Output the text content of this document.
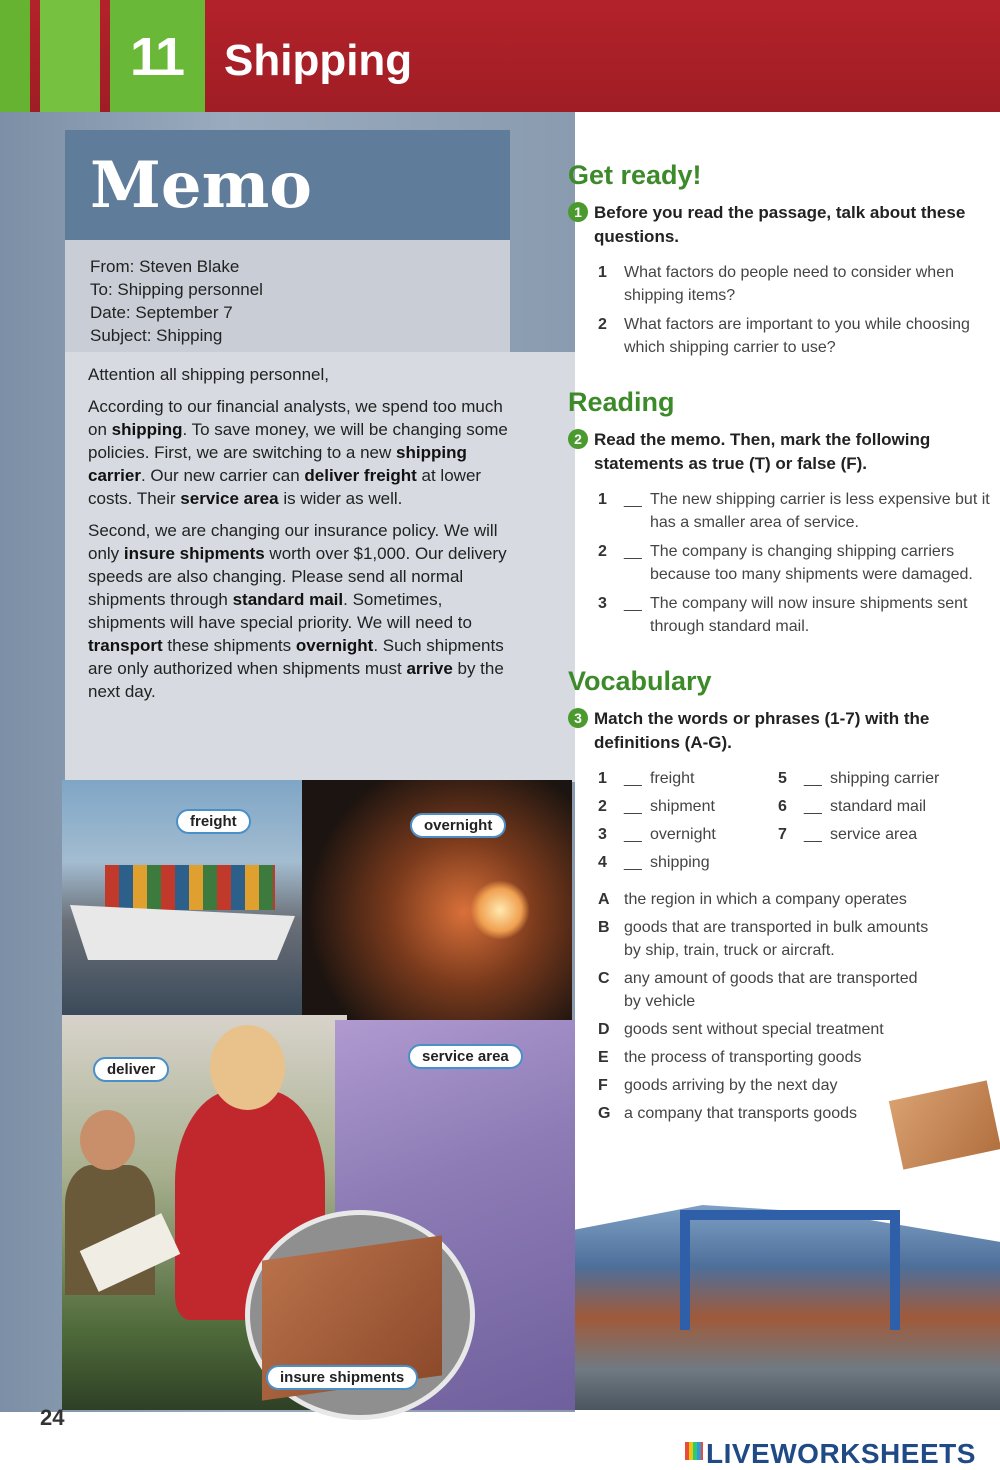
11 Shipping
Memo
From: Steven Blake
To: Shipping personnel
Date: September 7
Subject: Shipping

Attention all shipping personnel,

According to our financial analysts, we spend too much on shipping. To save money, we will be changing some policies. First, we are switching to a new shipping carrier. Our new carrier can deliver freight at lower costs. Their service area is wider as well.

Second, we are changing our insurance policy. We will only insure shipments worth over $1,000. Our delivery speeds are also changing. Please send all normal shipments through standard mail. Sometimes, shipments will have special priority. We will need to transport these shipments overnight. Such shipments are only authorized when shipments must arrive by the next day.

freight	overnight
deliver
service area
insure shipments
Get ready!
1 Before you read the passage, talk about these questions.
1	What factors do people need to consider when shipping items?
2	What factors are important to you while choosing which shipping carrier to use?
Reading
2 Read the memo. Then, mark the following statements as true (T) or false (F).
1	__ The new shipping carrier is less expensive but it has a smaller area of service.
2	__ The company is changing shipping carriers because too many shipments were damaged.
3	__ The company will now insure shipments sent through standard mail.
Vocabulary
3 Match the words or phrases (1-7) with the definitions (A-G).
1	__ freight
2	__ shipment
3	__ overnight
4	__ shipping
5	__ shipping carrier
6	__ standard mail
7	__ service area
A the region in which a company operates
B goods that are transported in bulk amounts by ship, train, truck or aircraft.
C any amount of goods that are transported by vehicle
D goods sent without special treatment
E the process of transporting goods
F	goods arriving by the next day
G a company that transports goods
24
LIVEWORKSHEETS
